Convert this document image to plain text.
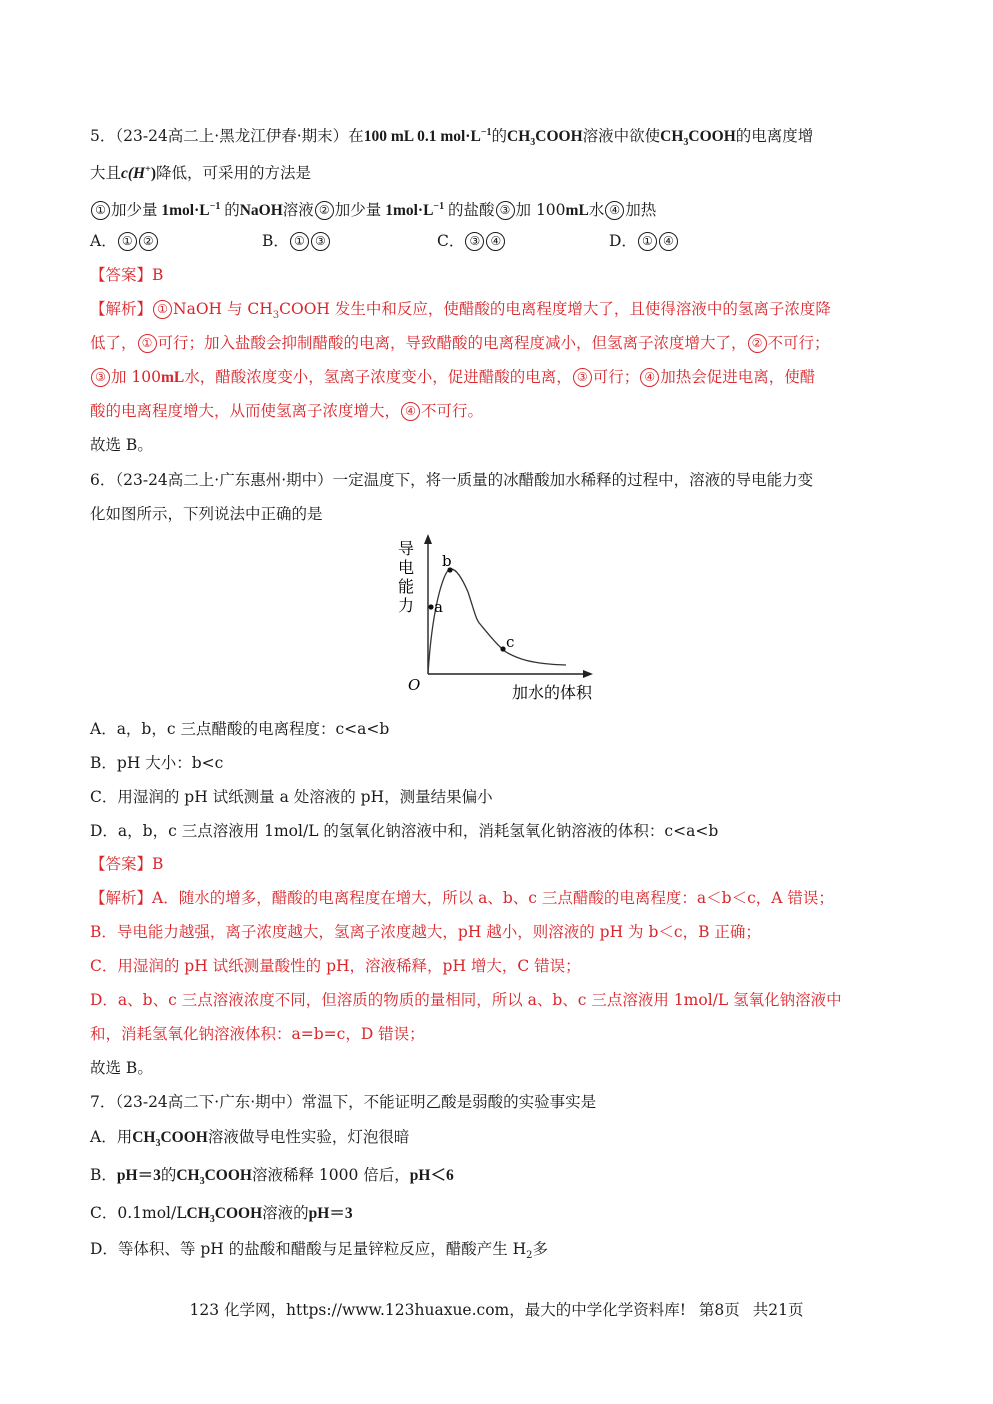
5．（23-24高二上·黑龙江伊春·期末）在100 mL 0.1 $mol\cdot L^{-1}$的$CH_3COOH$溶液中欲使$CH_3COOH$的电离度增
大且c(H+)降低，可采用的方法是
① 加少量 $1mol\cdot L^{-1}$ 的NaOH溶液 ② 加少量 $1mol\cdot L^{-1}$ 的盐酸 ③ 加 100mL水 ④ 加热
A． ① ②	B． ① ③	C． ③ ④	D． ① ④
【答案】B
【解析】 ① NaOH 与 $CH_3COOH$ 发生中和反应，使醋酸的电离程度增大了，且使得溶液中的氢离子浓度降
低了， ① 可行；加入盐酸会抑制醋酸的电离，导致醋酸的电离程度减小，但氢离子浓度增大了， ② 不可行；
③ 加 100mL水，醋酸浓度变小，氢离子浓度变小，促进醋酸的电离， ③ 可行； ④ 加热会促进电离，使醋
酸的电离程度增大，从而使氢离子浓度增大， ④ 不可行。
故选 B。
6．（23-24高二上·广东惠州·期中）一定温度下，将一质量的冰醋酸加水稀释的过程中，溶液的导电能力变
化如图所示，下列说法中正确的是
导
电
能
力 a
b
c
O	加水的体积
A．a，b，c 三点醋酸的电离程度：c<a<b
B．pH 大小：b<c
C．用湿润的 pH 试纸测量 a 处溶液的 pH，测量结果偏小
D．a，b，c 三点溶液用 1mol/L 的氢氧化钠溶液中和，消耗氢氧化钠溶液的体积：c<a<b
【答案】B
【解析】A．随水的增多，醋酸的电离程度在增大，所以 a、b、c 三点醋酸的电离程度：a＜b＜c，A 错误；
B．导电能力越强，离子浓度越大，氢离子浓度越大，pH 越小，则溶液的 pH 为 b＜c，B 正确；
C．用湿润的 pH 试纸测量酸性的 pH，溶液稀释，pH 增大，C 错误；
D．a、b、c 三点溶液浓度不同，但溶质的物质的量相同，所以 a、b、c 三点溶液用 1mol/L 氢氧化钠溶液中
和，消耗氢氧化钠溶液体积：a=b=c，D 错误；
故选 B。
7．（23-24高二下·广东·期中）常温下，不能证明乙酸是弱酸的实验事实是
A．用$CH_3COOH$溶液做导电性实验，灯泡很暗
B．pH＝3的$CH_3COOH$溶液稀释 1000 倍后，pH＜6
C．$0.1mol/LCH_3COOH$溶液的pH＝3
D．等体积、等 pH 的盐酸和醋酸与足量锌粒反应，醋酸产生 $H_2$多
123 化学网，https://www.123huaxue.com，最大的中学化学资料库! 第8页 共21页
